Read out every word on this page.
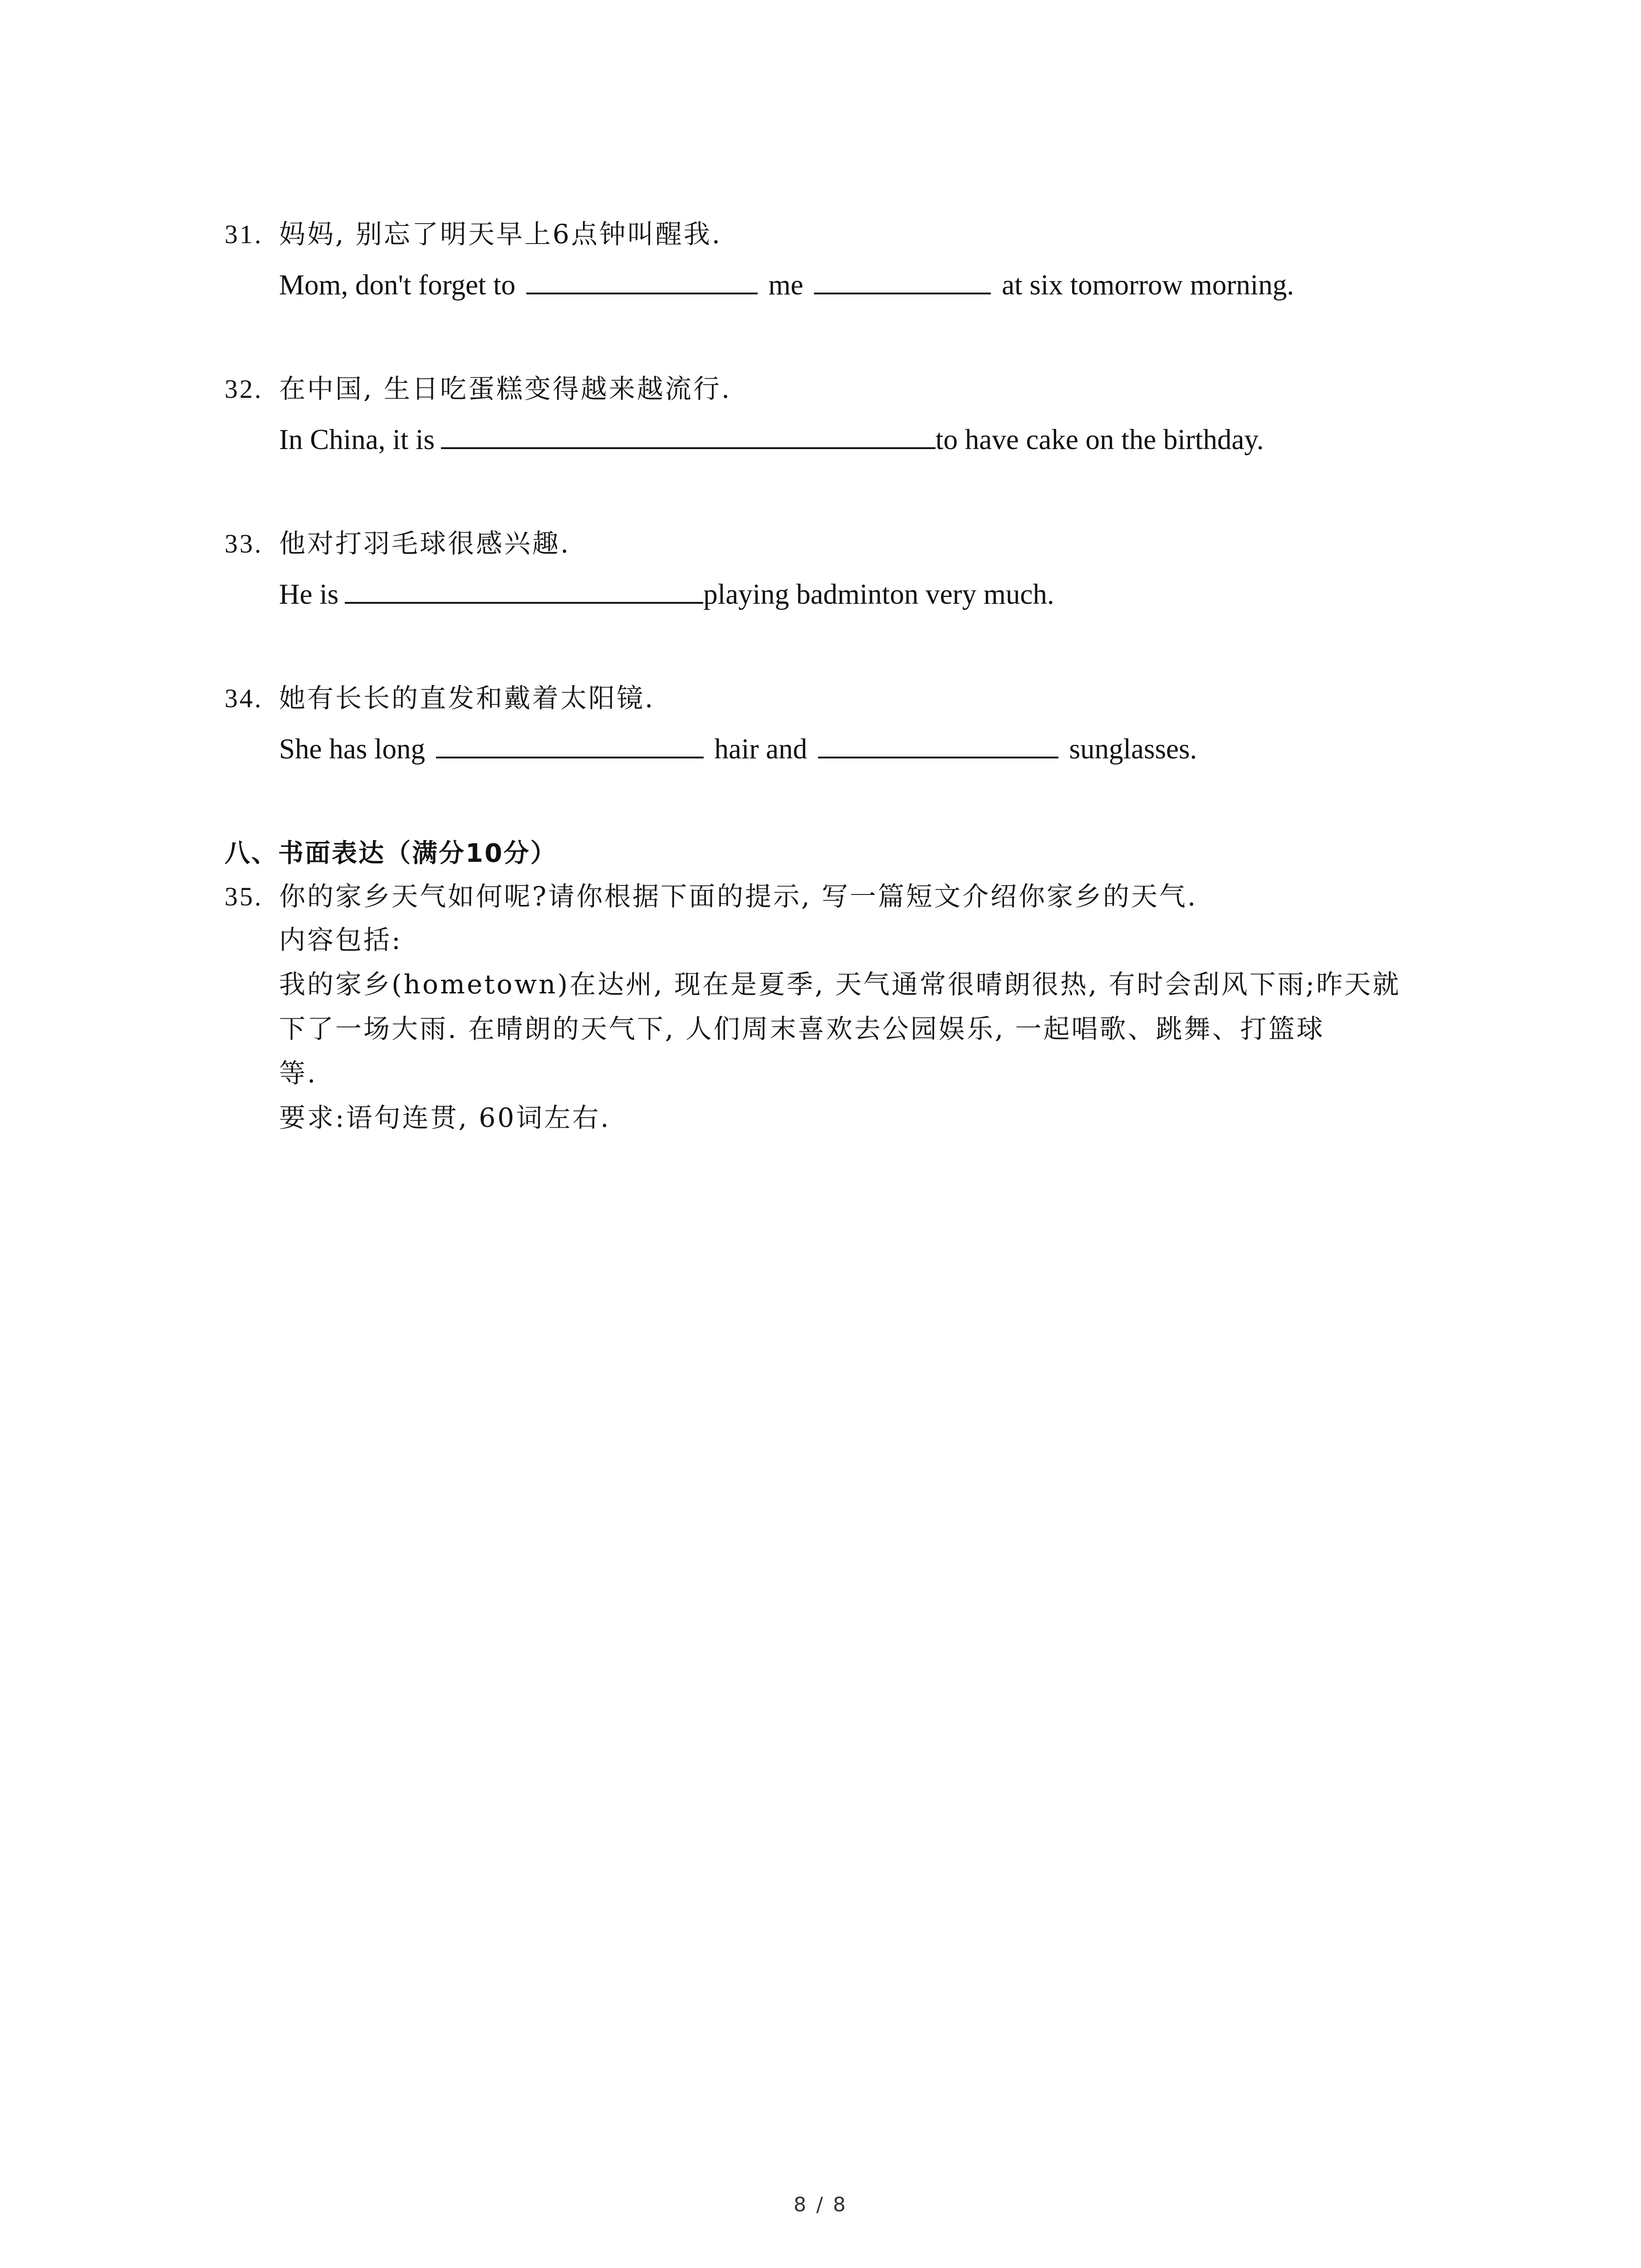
31. 妈妈, 别忘了明天早上6点钟叫醒我.
Mom, don't forget to	me	at six tomorrow morning.
32. 在中国, 生日吃蛋糕变得越来越流行.
In China, it is	to have cake on the birthday.
33. 他对打羽毛球很感兴趣.
He is	playing badminton very much.
34. 她有长长的直发和戴着太阳镜.
She has long	hair and	sunglasses.
八、书面表达（满分10分）
35. 你的家乡天气如何呢?请你根据下面的提示, 写一篇短文介绍你家乡的天气.
内容包括:
我的家乡(hometown)在达州, 现在是夏季, 天气通常很晴朗很热, 有时会刮风下雨;昨天就
下了一场大雨. 在晴朗的天气下, 人们周末喜欢去公园娱乐, 一起唱歌、跳舞、打篮球
等.
要求:语句连贯, 60词左右.
8 / 8
